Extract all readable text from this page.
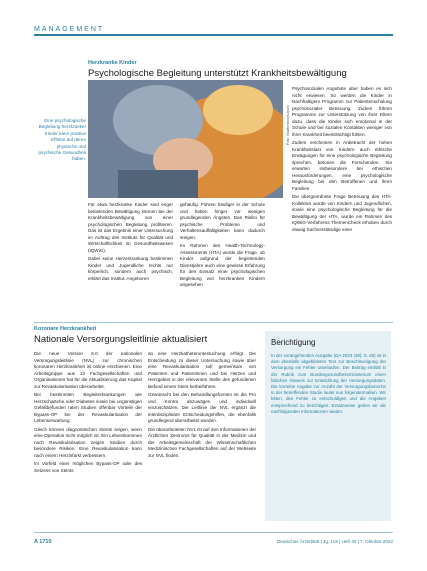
MANAGEMENT
Herzkranke Kinder
Psychologische Begleitung unterstützt Krankheitsbewältigung
Foto: Shutterstock/Lopolo
Eine psychologische Begleitung herzkranker Kinder kann positive Effekte auf deren physische und psychische Gesundheit haben.

Für etwa herzkranke Kinder sind enger belastenden Bewältigung können bei der Krankheitsbewältigung von einer psychologischen Begleitung profitieren. Das ist das Ergebnis einer Untersuchung im Auftrag des Instituts für Qualität und Wirtschaftlichkeit im Gesundheitswesen (IQWiG).

Dabei seine Herzerkrankung bestimmen Kinder und Jugendliche rechts nur körperlich, sondern auch psychisch, erklärt das Institut. Angeboren

gehäufig. Führen häufiger in der Schule und haben hinger vor wenigen grundlegenden Ängsten. Das Risiko für psychische Probleme und Verhaltensauffälligkeiten kann dadurch steigen.

Im Rahmen des Health-Technology-Assessments (HTA) wurde die Frage, ob Kinder aufgrund der begleitenden Dienstjahre auch eine gewisse Erfahrung für den Einsatz einer psychologischen Begleitung von herzkranken Kindern angesehen

Psychosozialen Angebote aber haben es sich nicht erwiesen. So werden die Kinder in Nachhaltigem Programm zur Patientenschulung psychosozialer Betreuung. Zudem führen Programme zur Unterstützung von ihrer Eltern dazu, dass die Kinder sich emotional in der Schule und bei sozialen Kontakten weniger von ihrer Krankheit beeinträchtigt fühlen.

Zudem erscheinen in Anbetracht der hohen Krankheitslast von Kindern auch ethische Erwägungen für eine psychologische Begleitung sprechen, betonen die Forschenden. Sie erwarten insbesondere bei ethischen Herausforderungen, eine psychologische Begleitung bei den Betroffenen und ihren Familien.

Die übergeordnete Frage Betreuung des HTA-Kollektivs wurde von Kindern und Jugendlichen, sowie eine psychologische Begleitung für die Bewältigung der HTA, wurde ein Rahmen des IQWiG-Verfahrens ThemenCheck erhoben durch etwaig Sachverständige einer

Koronare Herzkrankheit
Nationale Versorgungsleitlinie aktualisiert

Die neue Version 6.0 der nationalen Versorgungsleitlinie (NVL) zur chronischen koronaren Herzkrankheit ist online erschienen. Eine Arbeitsgruppe aus 13 Fachgesellschaften und Organisationen hat für die Aktualisierung das Kapitel zur Revaskularisation überarbeitet.

Bei bestimmten Begleiterkrankungen wie Herzschwäche oder Diabetes sowie bei ungünstigen Gefäßbefunden raten Studien offenbar Vorteile der Bypass-OP bei der Revaskularisation der Lebenserwartung.

Gleich können diagnostischen Stents zeigen, wenn eine Operation nicht möglich ist. Ein Lebenskommen nach Revaskularisation zeigen Studien durch besondere Risiken. Eine Revaskularisation kann nach einem Herzinfarkt verbessern.

Im Vorfeld einer möglichen Bypass-OP oder des Setzens von Stents

an eine Herzkatheteruntersuchung erfolgt. Die Entscheidung zu dieser Untersuchung sowie über eine Revaskularisation soll gemeinsam von Patienten und Patientinnen und bei Herzen und Herzgebiet in der relevanten Stelle des gefundenen Befund einem Stent herbeiführen.

Gewünscht bei den Behandlungsformen ist die Pro und Kontra abzuwägen und individuell einzuschätzen. Die Leitlinie der NVL ergänzt die interdisziplinäre Entscheidungshilfen, die ebenfalls grundlegend überarbeitet wurden.

Die überarbeiteten NVL ist auf den Informationen der Ärztlichen Zentrums für Qualität in der Medizin und der Arbeitsgemeinschaft der Wissenschaftlichen Medizinischen Fachgesellschaften auf der Webseite zur NVL finden.

Berichtigung
In der vorangehenden Ausgabe (DA 2023 (38): S. 60) ist in dem ebenfalls abgebildeten Text zur Beschleunigung der Versorgung ein Fehler unterlaufen. Der Beitrag enthält in der Rubrik zum Bundesgesundheitsministerium einen falschen Hinweis zur Entwicklung der Versorgungsdaten. Die korrekte Angabe zur Anzahl der Versorgungsbereiche in der betreffenden Studie lautet nun folgendermaßen. Wir bitten, den Fehler zu entschuldigen und die Angaben entsprechend zu berichtigen. Ersatzweise geben wir die nachfolgenden Informationen wieder.
A 1710	Deutsches Ärzteblatt | Jg. 119 | Heft 40 | 7. Oktober 2022
